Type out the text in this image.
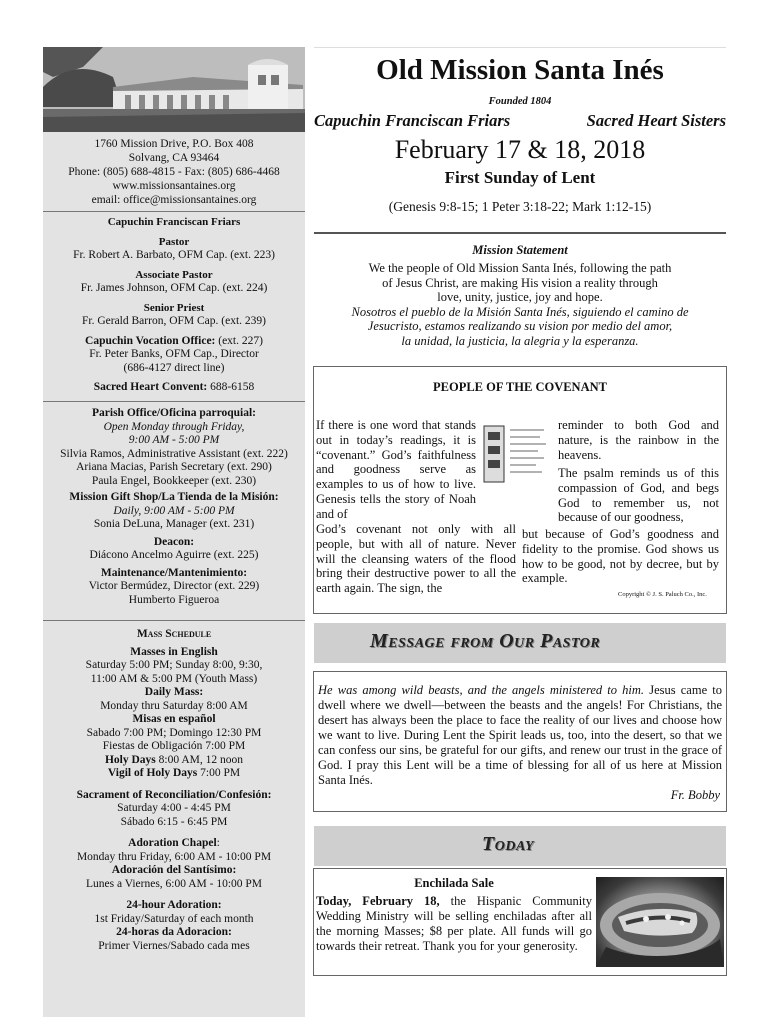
1760 Mission Drive, P.O. Box 408
Solvang, CA 93464
Phone: (805) 688-4815 - Fax: (805) 686-4468
www.missionsantaines.org
email: office@missionsantaines.org
Capuchin Franciscan Friars
Pastor
Fr. Robert A. Barbato, OFM Cap. (ext. 223)
Associate Pastor
Fr. James Johnson, OFM Cap. (ext. 224)
Senior Priest
Fr. Gerald Barron, OFM Cap. (ext. 239)
Capuchin Vocation Office: (ext. 227)
Fr. Peter Banks, OFM Cap., Director
(686-4127 direct line)
Sacred Heart Convent: 688-6158
Parish Office/Oficina parroquial:
Open Monday through Friday,
9:00 AM - 5:00 PM
Silvia Ramos, Administrative Assistant (ext. 222)
Ariana Macias, Parish Secretary (ext. 290)
Paula Engel, Bookkeeper (ext. 230)
Mission Gift Shop/La Tienda de la Misión:
Daily, 9:00 AM - 5:00 PM
Sonia DeLuna, Manager (ext. 231)
Deacon:
Diácono Ancelmo Aguirre (ext. 225)
Maintenance/Mantenimiento:
Victor Bermúdez, Director (ext. 229)
Humberto Figueroa
Mass Schedule
Masses in English
Saturday 5:00 PM; Sunday 8:00, 9:30,
11:00 AM & 5:00 PM (Youth Mass)
Daily Mass:
Monday thru Saturday 8:00 AM
Misas en español
Sabado 7:00 PM; Domingo 12:30 PM
Fiestas de Obligación 7:00 PM
Holy Days 8:00 AM, 12 noon
Vigil of Holy Days 7:00 PM
Sacrament of Reconciliation/Confesión:
Saturday 4:00 - 4:45 PM
Sábado 6:15 - 6:45 PM
Adoration Chapel:
Monday thru Friday, 6:00 AM - 10:00 PM
Adoración del Santísimo:
Lunes a Viernes, 6:00 AM - 10:00 PM
24-hour Adoration:
1st Friday/Saturday of each month
24-horas da Adoracion:
Primer Viernes/Sabado cada mes
Old Mission Santa Inés
Founded 1804
Capuchin Franciscan Friars	Sacred Heart Sisters
February 17 & 18, 2018
First Sunday of Lent
(Genesis 9:8-15; 1 Peter 3:18-22; Mark 1:12-15)
Mission Statement
We the people of Old Mission Santa Inés, following the path
of Jesus Christ, are making His vision a reality through
love, unity, justice, joy and hope.
Nosotros el pueblo de la Misión Santa Inés, siguiendo el camino de
Jesucristo, estamos realizando su vision por medio del amor,
la unidad, la justicia, la alegria y la esperanza.
PEOPLE OF THE COVENANT
If there is one word that stands out in today’s readings, it is “covenant.” God’s faithfulness and goodness serve as examples to us of how to live. Genesis tells the story of Noah and of
God’s covenant not only with all people, but with all of nature. Never will the cleansing waters of the flood bring their destructive power to all the earth again. The sign, the
reminder to both God and nature, is the rainbow in the heavens.
The psalm reminds us of this compassion of God, and begs God to remember us, not because of our goodness,
but because of God’s goodness and fidelity to the promise. God shows us how to be good, not by decree, but by example.
Copyright © J. S. Paluch Co., Inc.
Message from Our Pastor
He was among wild beasts, and the angels ministered to him. Jesus came to dwell where we dwell—between the beasts and the angels! For Christians, the desert has always been the place to face the reality of our lives and choose how we want to live. During Lent the Spirit leads us, too, into the desert, so that we can confess our sins, be grateful for our gifts, and renew our trust in the grace of God. I pray this Lent will be a time of blessing for all of us here at Mission Santa Inés.
Fr. Bobby
Today
Enchilada Sale
Today, February 18, the Hispanic Community Wedding Ministry will be selling enchiladas after all the morning Masses; $8 per plate. All funds will go towards their retreat. Thank you for your generosity.
